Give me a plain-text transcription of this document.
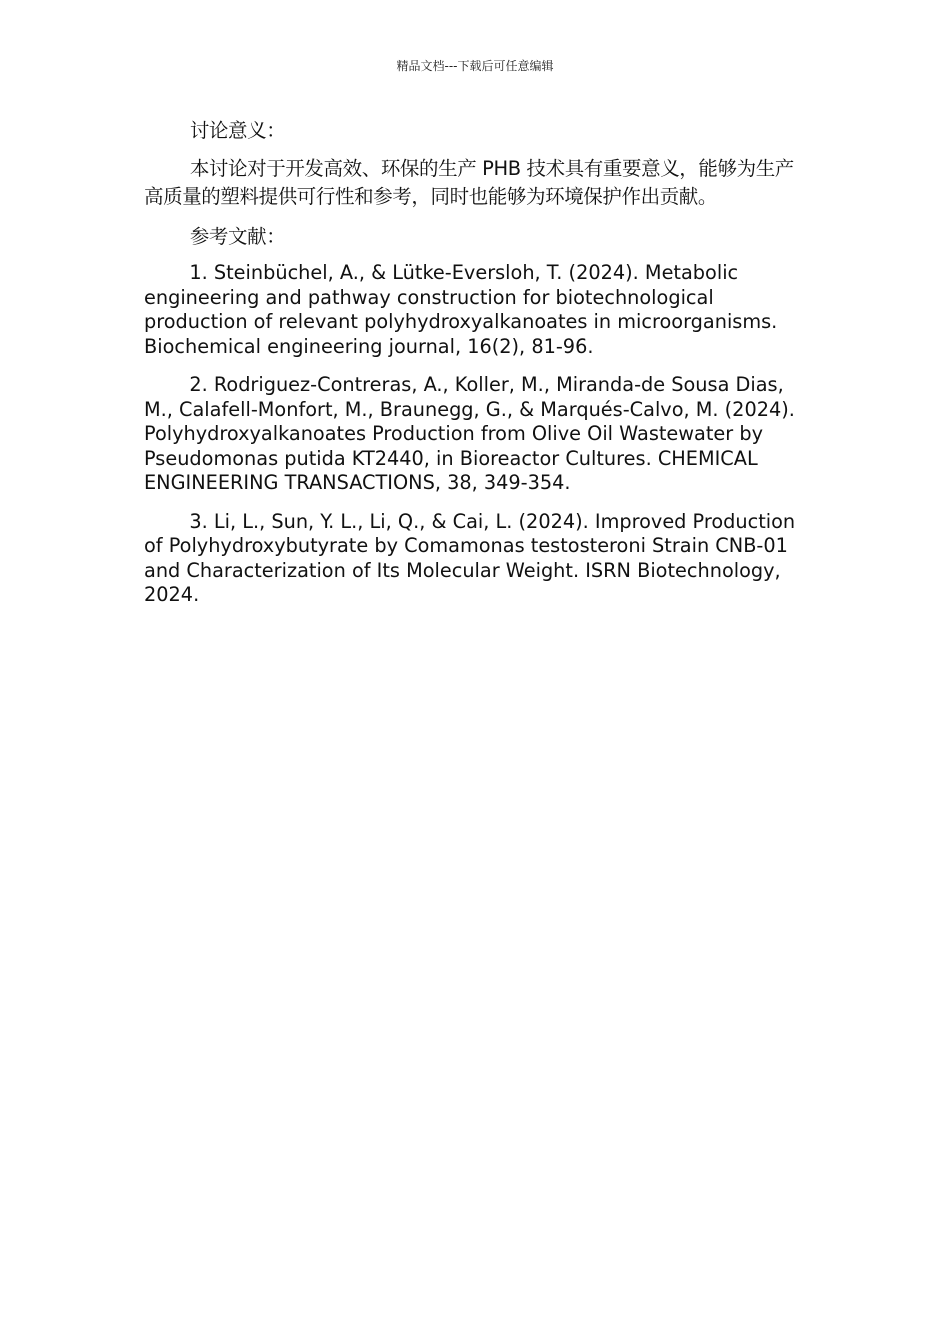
精品文档---下载后可任意编辑

讨论意义：

本讨论对于开发高效、环保的生产 PHB 技术具有重要意义，能够为生产高质量的塑料提供可行性和参考，同时也能够为环境保护作出贡献。

参考文献：

1. Steinbüchel, A., & Lütke-Eversloh, T. (2024). Metabolic engineering and pathway construction for biotechnological production of relevant polyhydroxyalkanoates in microorganisms. Biochemical engineering journal, 16(2), 81-96.

2. Rodriguez-Contreras, A., Koller, M., Miranda-de Sousa Dias, M., Calafell-Monfort, M., Braunegg, G., & Marqués-Calvo, M. (2024). Polyhydroxyalkanoates Production from Olive Oil Wastewater by Pseudomonas putida KT2440, in Bioreactor Cultures. CHEMICAL ENGINEERING TRANSACTIONS, 38, 349-354.

3. Li, L., Sun, Y. L., Li, Q., & Cai, L. (2024). Improved Production of Polyhydroxybutyrate by Comamonas testosteroni Strain CNB-01 and Characterization of Its Molecular Weight. ISRN Biotechnology, 2024.
